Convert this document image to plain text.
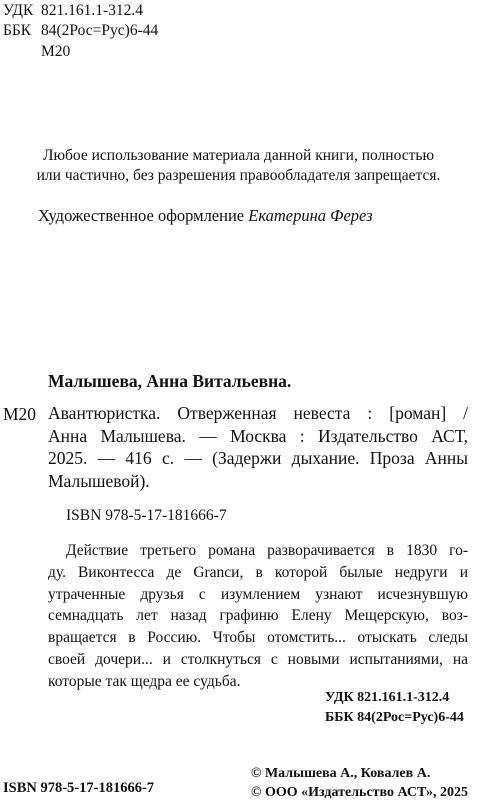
УДК 821.161.1-312.4
ББК 84(2Рос=Рус)6-44
М20
Любое использование материала данной книги, полностью
или частично, без разрешения правообладателя запрещается.
Художественное оформление Екатерина Ферез
Малышева, Анна Витальевна.
М20 Авантюристка. Отверженная невеста : [роман] /
Анна Малышева. — Москва : Издательство АСТ,
2025. — 416 с. — (Задержи дыхание. Проза Анны
Малышевой).
ISBN 978-5-17-181666-7
Действие третьего романа разворачивается в 1830 го-
ду. Виконтесса де Granси, в которой былые недруги и
утраченные друзья с изумлением узнают исчезнувшую
семнадцать лет назад графиню Елену Мещерскую, воз-
вращается в Россию. Чтобы отомстить... отыскать следы
своей дочери... и столкнуться с новыми испытаниями, на
которые так щедра ее судьба.
УДК 821.161.1-312.4
ББК 84(2Рос=Рус)6-44
© Малышева А., Ковалев А.
© ООО «Издательство АСТ», 2025
ISBN 978-5-17-181666-7
